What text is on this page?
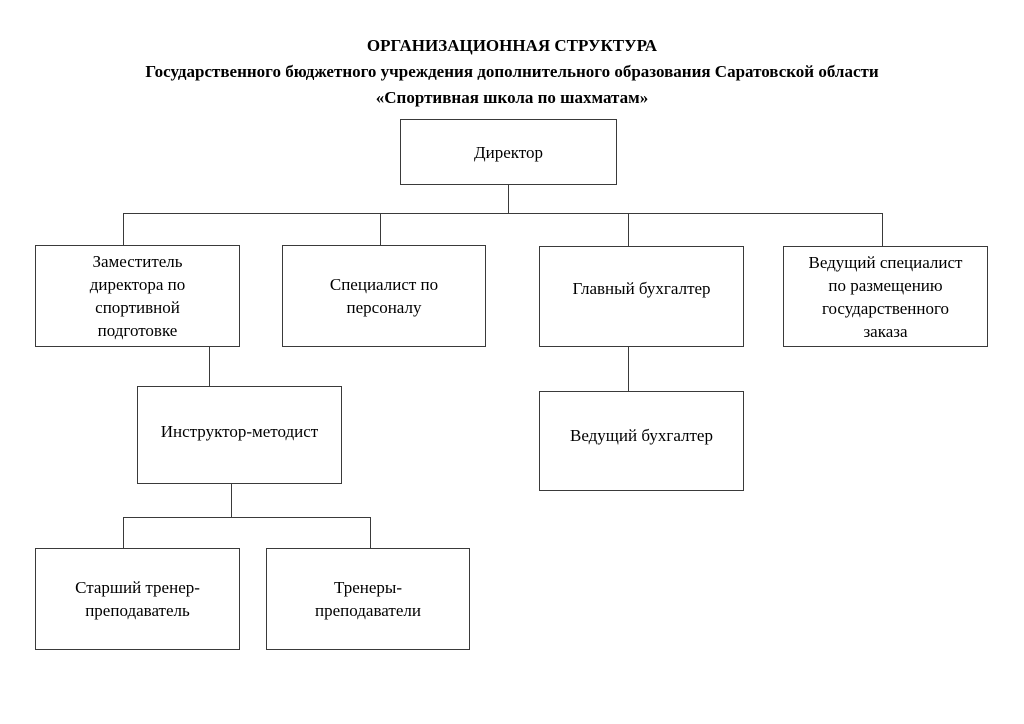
ОРГАНИЗАЦИОННАЯ СТРУКТУРА
Государственного бюджетного учреждения дополнительного образования Саратовской области
«Спортивная школа по шахматам»
Директор
Заместитель директора по спортивной подготовке
Специалист по персоналу
Главный бухгалтер
Ведущий специалист по размещению государственного заказа
Инструктор-методист	Ведущий бухгалтер
Старший тренер-преподаватель
Тренеры-преподаватели
